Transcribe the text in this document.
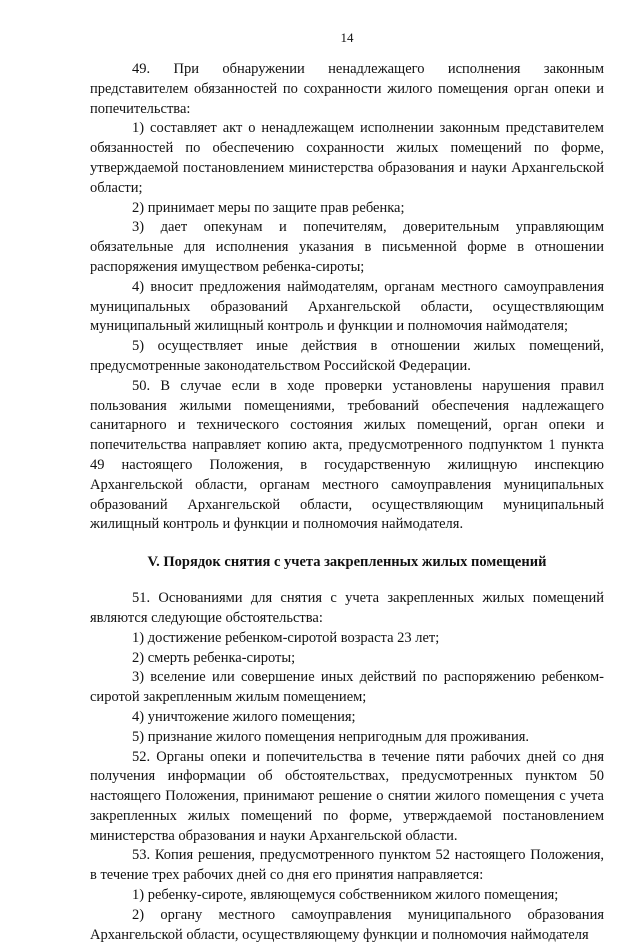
14

49. При обнаружении ненадлежащего исполнения законным представителем обязанностей по сохранности жилого помещения орган опеки и попечительства:

1) составляет акт о ненадлежащем исполнении законным представителем обязанностей по обеспечению сохранности жилых помещений по форме, утверждаемой постановлением министерства образования и науки Архангельской области;

2) принимает меры по защите прав ребенка;

3) дает опекунам и попечителям, доверительным управляющим обязательные для исполнения указания в письменной форме в отношении распоряжения имуществом ребенка-сироты;

4) вносит предложения наймодателям, органам местного самоуправления муниципальных образований Архангельской области, осуществляющим муниципальный жилищный контроль и функции и полномочия наймодателя;

5) осуществляет иные действия в отношении жилых помещений, предусмотренные законодательством Российской Федерации.

50. В случае если в ходе проверки установлены нарушения правил пользования жилыми помещениями, требований обеспечения надлежащего санитарного и технического состояния жилых помещений, орган опеки и попечительства направляет копию акта, предусмотренного подпунктом 1 пункта 49 настоящего Положения, в государственную жилищную инспекцию Архангельской области, органам местного самоуправления муниципальных образований Архангельской области, осуществляющим муниципальный жилищный контроль и функции и полномочия наймодателя.

V. Порядок снятия с учета закрепленных жилых помещений

51. Основаниями для снятия с учета закрепленных жилых помещений являются следующие обстоятельства:

1) достижение ребенком-сиротой возраста 23 лет;

2) смерть ребенка-сироты;

3) вселение или совершение иных действий по распоряжению ребенком-сиротой закрепленным жилым помещением;

4) уничтожение жилого помещения;

5) признание жилого помещения непригодным для проживания.

52. Органы опеки и попечительства в течение пяти рабочих дней со дня получения информации об обстоятельствах, предусмотренных пунктом 50 настоящего Положения, принимают решение о снятии жилого помещения с учета закрепленных жилых помещений по форме, утверждаемой постановлением министерства образования и науки Архангельской области.

53. Копия решения, предусмотренного пунктом 52 настоящего Положения, в течение трех рабочих дней со дня его принятия направляется:

1) ребенку-сироте, являющемуся собственником жилого помещения;

2) органу местного самоуправления муниципального образования Архангельской области, осуществляющему функции и полномочия наймодателя
